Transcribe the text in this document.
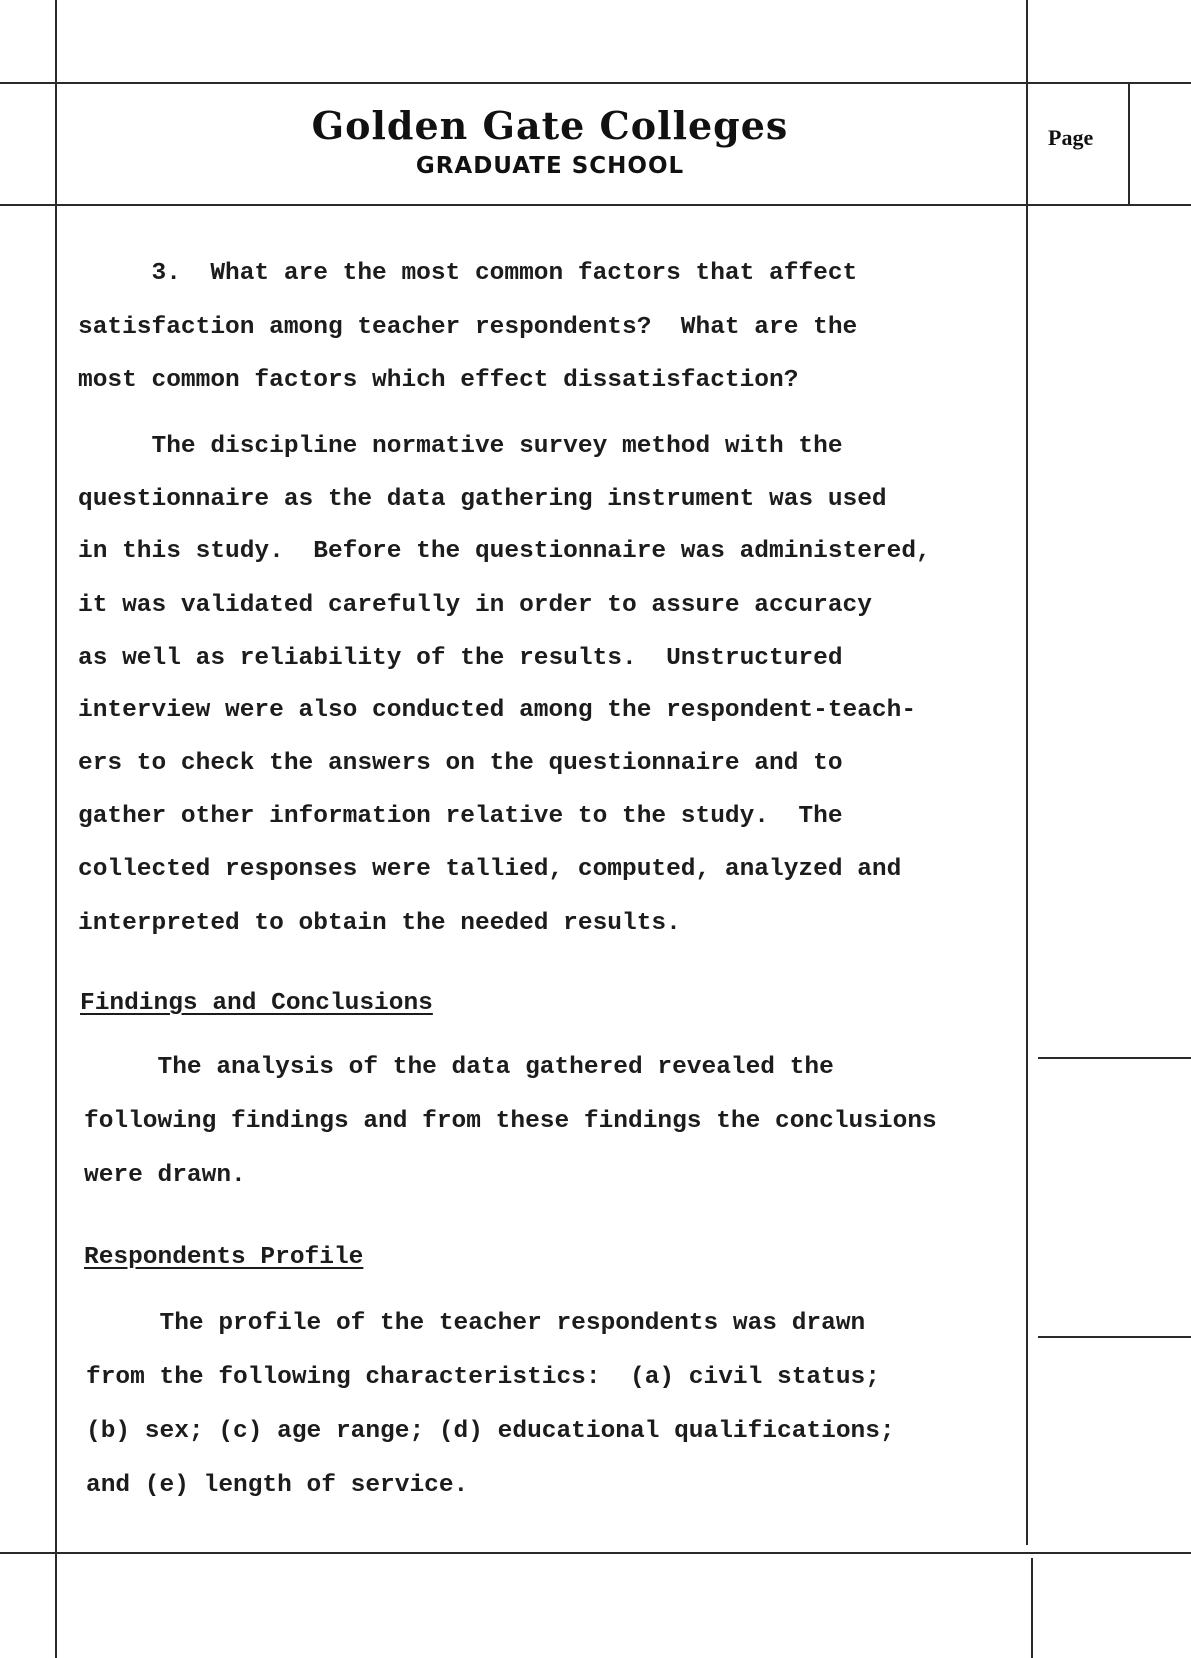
Golden Gate Colleges
GRADUATE SCHOOL
Page
3.  What are the most common factors that affect
satisfaction among teacher respondents?  What are the
most common factors which effect dissatisfaction?
The discipline normative survey method with the
questionnaire as the data gathering instrument was used
in this study.  Before the questionnaire was administered,
it was validated carefully in order to assure accuracy
as well as reliability of the results.  Unstructured
interview were also conducted among the respondent-teach-
ers to check the answers on the questionnaire and to
gather other information relative to the study.  The
collected responses were tallied, computed, analyzed and
interpreted to obtain the needed results.
Findings and Conclusions
The analysis of the data gathered revealed the
following findings and from these findings the conclusions
were drawn.
Respondents Profile
The profile of the teacher respondents was drawn
from the following characteristics:  (a) civil status;
(b) sex; (c) age range; (d) educational qualifications;
and (e) length of service.
